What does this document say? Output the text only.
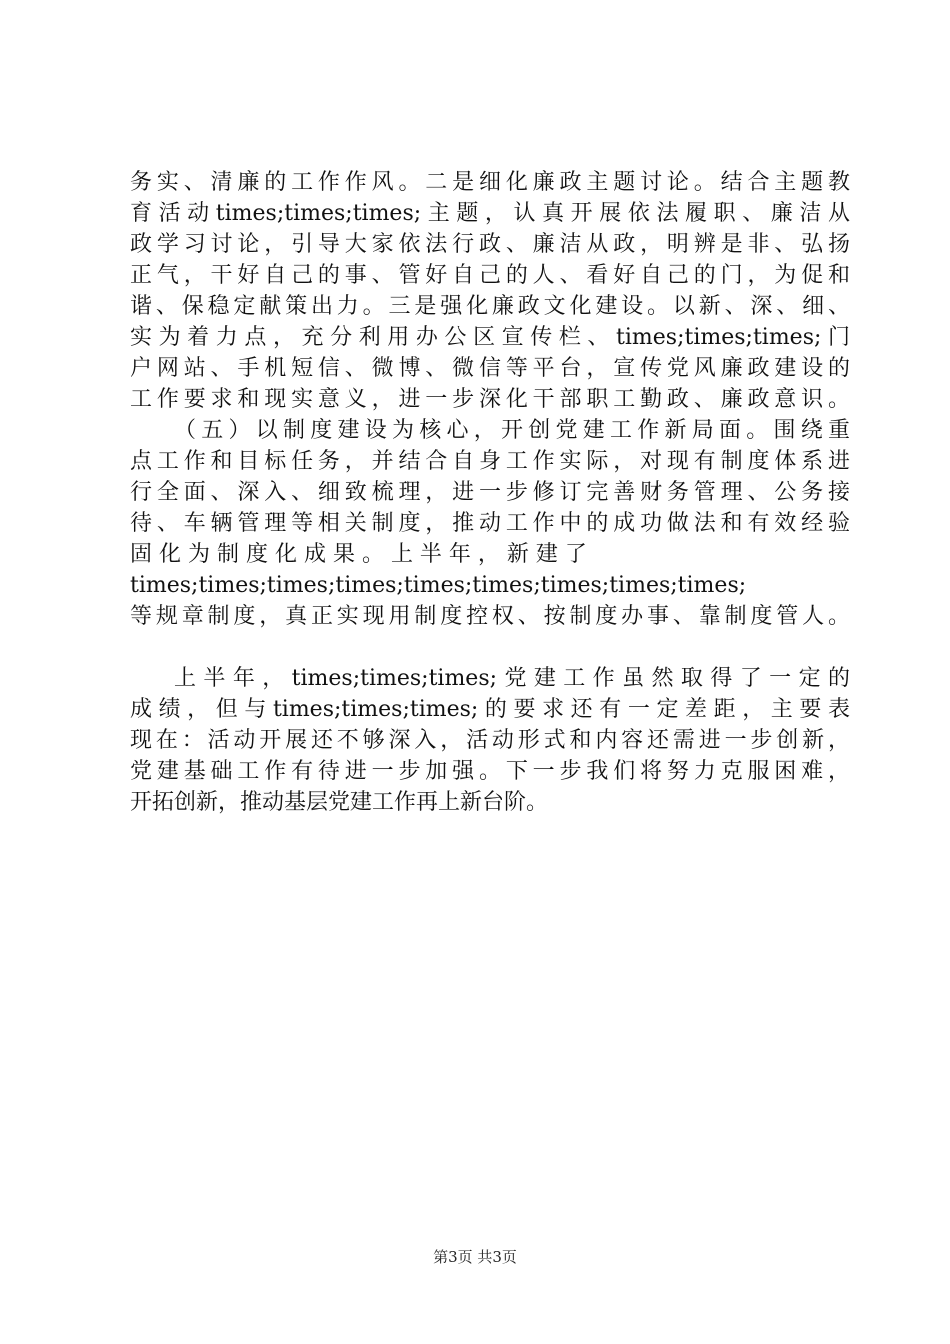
务实、清廉的工作作风。二是细化廉政主题讨论。结合主题教
育活动times;times;times;主题，认真开展依法履职、廉洁从
政学习讨论，引导大家依法行政、廉洁从政，明辨是非、弘扬
正气，干好自己的事、管好自己的人、看好自己的门，为促和
谐、保稳定献策出力。三是强化廉政文化建设。以新、深、细、
实为着力点，充分利用办公区宣传栏、times;times;times;门
户网站、手机短信、微博、微信等平台，宣传党风廉政建设的
工作要求和现实意义，进一步深化干部职工勤政、廉政意识。
（五）以制度建设为核心，开创党建工作新局面。围绕重
点工作和目标任务，并结合自身工作实际，对现有制度体系进
行全面、深入、细致梳理，进一步修订完善财务管理、公务接
待、车辆管理等相关制度，推动工作中的成功做法和有效经验
固 化 为 制 度 化 成 果 。 上 半 年 ， 新 建 了
times;times;times;times;times;times;times;times;times;
等规章制度，真正实现用制度控权、按制度办事、靠制度管人。
上半年，times;times;times;党建工作虽然取得了一定的
成绩，但与times;times;times;的要求还有一定差距，主要表
现在：活动开展还不够深入，活动形式和内容还需进一步创新，
党建基础工作有待进一步加强。下一步我们将努力克服困难，
开拓创新，推动基层党建工作再上新台阶。
第3页 共3页
